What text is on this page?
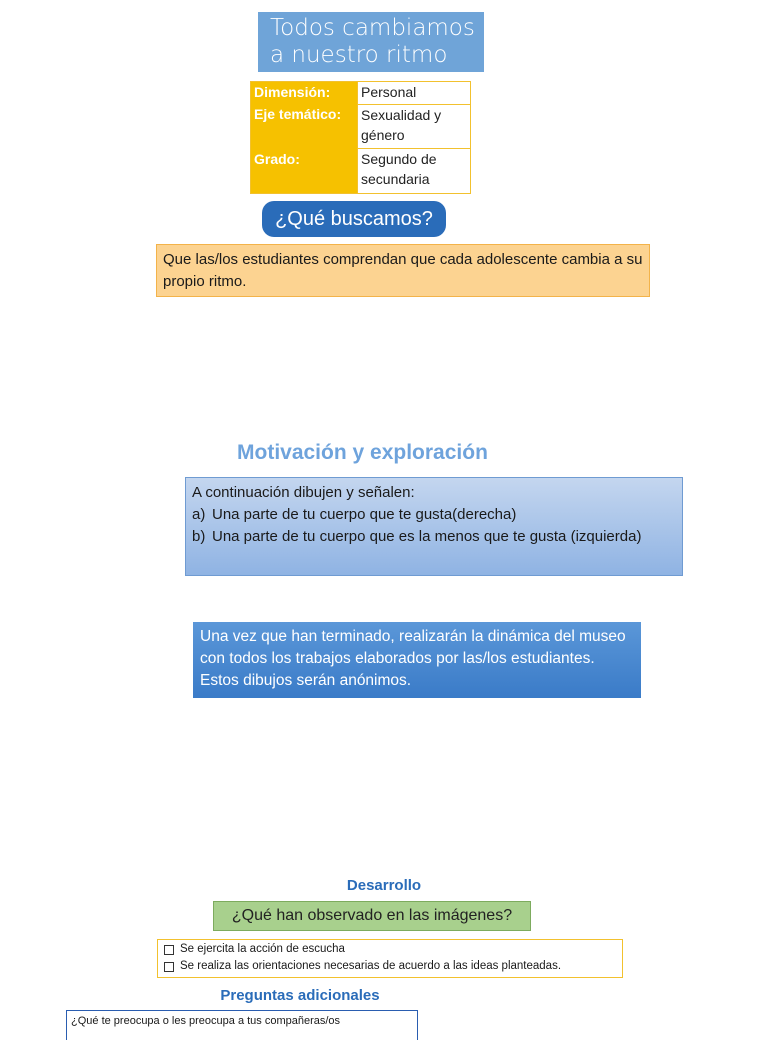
Todos cambiamos
a nuestro ritmo
Dimensión:	Personal
Eje temático:	Sexualidad y género
Grado:	Segundo de secundaria
¿Qué buscamos?
Que las/los estudiantes comprendan que cada adolescente cambia a su propio ritmo.
Motivación y exploración
A continuación dibujen y señalen:
a) Una parte de tu cuerpo que te gusta(derecha)
b) Una parte de tu cuerpo que es la menos que te gusta (izquierda)
Una vez que han terminado, realizarán la dinámica del museo con todos los trabajos elaborados por las/los estudiantes. Estos dibujos serán anónimos.
Desarrollo
¿Qué han observado en las imágenes?
Se ejercita la acción de escucha
Se realiza las orientaciones necesarias de acuerdo a las ideas planteadas.
Preguntas adicionales
¿Qué te preocupa o les preocupa a tus compañeras/os
